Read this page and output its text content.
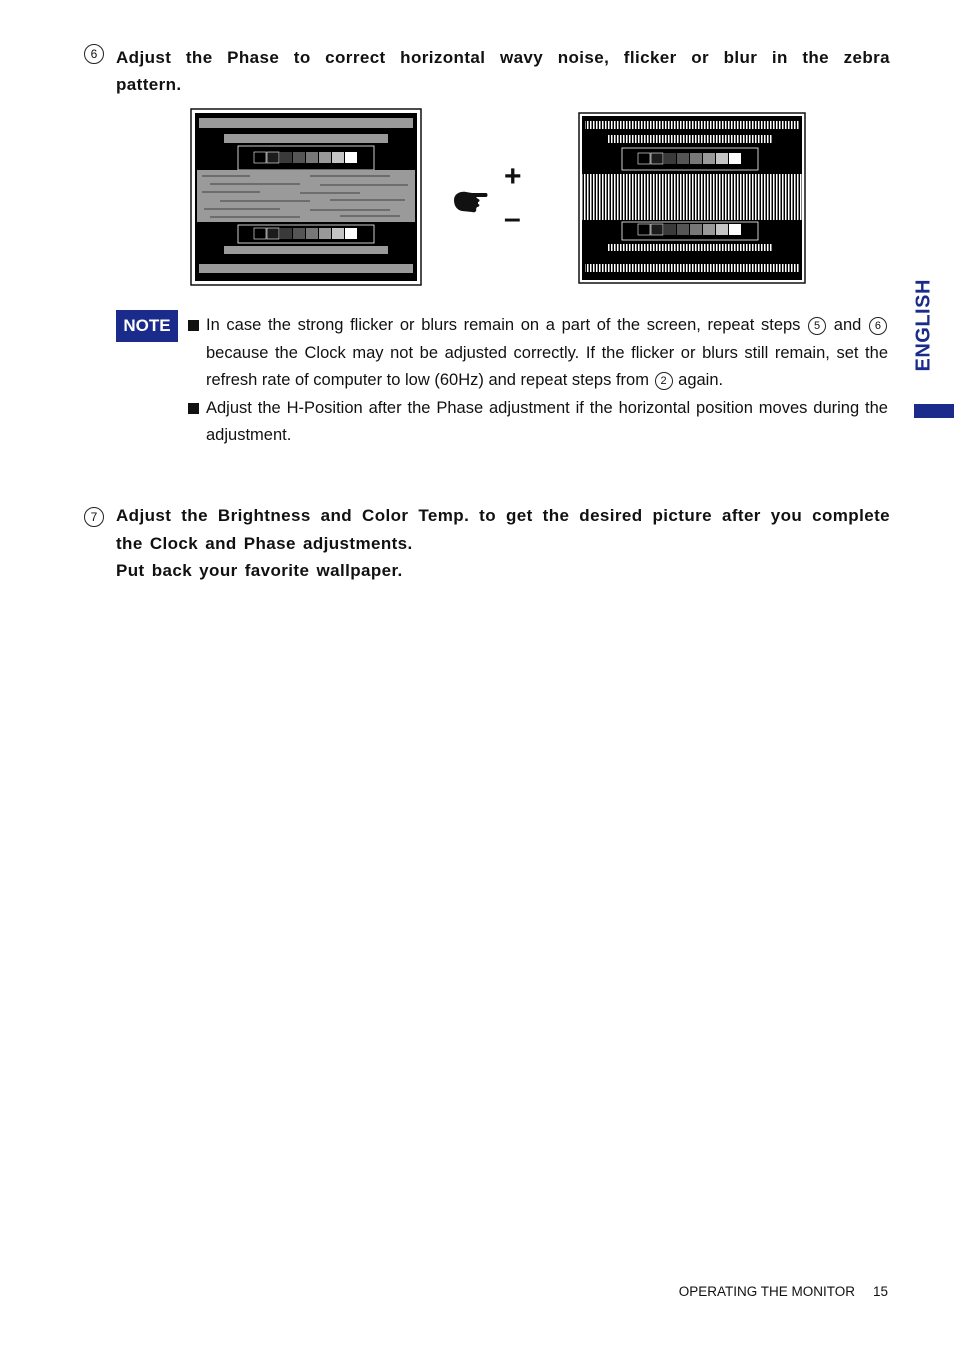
6	Adjust the Phase to correct horizontal wavy noise, flicker or blur in the zebra
pattern.
+
–
NOTE	In case the strong flicker or blurs remain on a part of the screen, repeat steps 5 and 6 because the Clock may not be adjusted correctly. If the flicker or blurs still remain, set the refresh rate of computer to low (60Hz) and repeat steps from 2 again.
Adjust the H-Position after the Phase adjustment if the horizontal position moves during the adjustment.
7	Adjust the Brightness and Color Temp. to get the desired picture after you complete
the Clock and Phase adjustments.
Put back your favorite wallpaper.
ENGLISH
OPERATING THE MONITOR 15
